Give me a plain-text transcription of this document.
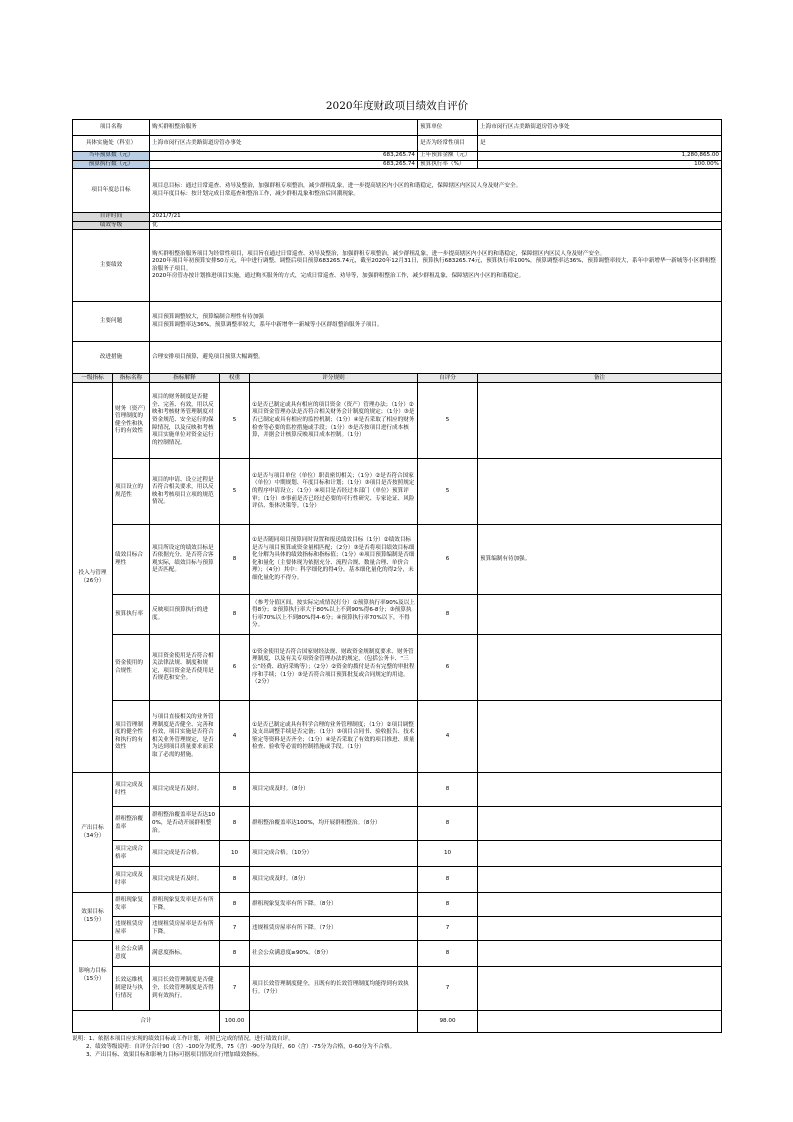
2020年度财政项目绩效自评价						
项目名称		购买群租整治服务			预算单位	上海市闵行区古美路街道房管办事处
具体实施处（科室）		上海市闵行区古美路街道房管办事处			是否为经常性项目	是
当年预算数（元）		683,265.74			上年预算金额（元）	1,280,865.00
预算执行数（元）		683,265.74			预算执行率（%）	100.00%
项目年度总目标		项目总目标：通过日常巡查、劝导及整治，加强群租专项整治，减少群租乱象，进一步提高辖区内小区的和谐稳定，保障辖区内区民人身及财产安全。
项目年度目标：按计划完成日常巡查和整治工作，减少群租乱象和整治后回潮现象。				
自评时间		2021/7/21				
绩效等级		优				
主要绩效		购买群租整治服务项目为经常性项目，项目旨在通过日常巡查、劝导及整治，加强群租专项整治，减少群租乱象，进一步提高辖区内小区的和谐稳定，保障辖区内区民人身及财产安全。
2020年项目年初预算安排50万元，年中进行调整，调整后项目预算683265.74元，截至2020年12月31日，预算执行683265.74元，预算执行率100%，预算调整率达36%，预算调整率较大，系年中新增华一新城等小区群租整治服务子项目。
2020年房管办按计划推进项目实施，通过购买服务的方式，完成日常巡查、劝导等，加强群租整治工作，减少群租乱象，保障辖区内小区的和谐稳定。				
主要问题		项目预算调整较大，预算编制合理性有待加强
项目预算调整率达36%，预算调整率较大，系年中新增华一新城等小区群组整治服务子项目。				
改进措施		合理安排项目预算，避免项目预算大幅调整。				
一级指标	指标名称	指标解释	权重	评分规则	自评分	备注
投入与管理
（26分）	财务（资产）管理制度的健全性和执行的有效性	项目的财务制度是否健全、完善、有效，用以反映和考核财务管理制度对资金规范、安全运行的保障情况，以及反映和考核项目实施单位对资金运行的控制情况。	5	①是否已制定或具有相应的项目资金（资产）管理办法；（1分）②项目资金管理办法是否符合相关财务会计制度的规定；（1分）③是否已制定或具有相应的监控机制；（1分）④是否采取了相应的财务检查等必要的监控措施或手段；（1分）⑤是否按项目进行成本核算，并据会计核算反映项目成本控制。（1分）	5	
	项目设立的规范性	项目的申请、设立过程是否符合相关要求，用以反映和考核项目立项的规范情况。	5	①是否与项目单位（单位）职责密切相关；（1分）②是否符合国家（单位）中期规划、年度目标和计划；（1分）③项目是否按照规定的程序申请设立；（1分）④项目是否经过本部门（单位）预算评审；（1分）⑤事前是否已经过必要的可行性研究、专家论证、风险评估、集体决策等。（1分）	5	
	绩效目标合理性	项目所设定的绩效目标是否依据充分，是否符合客观实际，绩效目标与预算是否匹配。	8	①是否随同项目预算同时设置和报送绩效目标（1分）②绩效目标是否与项目预算或资金量相匹配；（2分）③是否将项目绩效目标细化分解为具体的绩效指标和指标值；（1分）④项目预算编制是否细化和量化（主要体现为依据充分、流程合规、数量合理、单价合理）；（4分）其中：科学细化的得4分，基本细化量化的得2分，未细化量化的不得分。	6	预算编制有待加强。
	预算执行率	反映项目预算执行的进度。	8	（参考分值区间，按实际完成情况打分）①预算执行率90%及以上得8分；②预算执行率大于80%以上不到90%得6-8分；③预算执行率70%以上不到80%得4-6分；④预算执行率70%以下，不得分。	8	
	资金使用的合规性	项目资金使用是否符合相关法律法规、制度和规定，项目资金是否使用是否规范和安全。	6	①资金使用是否符合国家财经法规、财政资金规制度要求、财务管理制度，以及有关专项资金管理办法的规定，（包括公务卡、“三公”经费、政府采购等）；（2分）②资金的拨付是否有完整的审批程序和手续；（1分）③是否符合项目预算批复或合同规定的用途。（2分）	6	
	项目管理制度的健全性和执行的有效性	与项目直接相关的业务管理制度是否健全、完善和有效，项目实施是否符合相关业务管理规定，是否为达到项目质量要求而采取了必需的措施。	4	①是否已制定或具有科学合理的业务管理制度；（1分）②项目调整及支出调整手续是否完备；（1分）③项目合同书、验收报告、技术鉴定等资料是否齐全；（1分）④是否采取了有效的项目推进、质量检查、验收等必需的控制措施或手段。（1分）	4	
产出目标
（34分）	项目完成及时性	项目完成是否及时。	8	项目完成及时。（8分）	8	
	群租整治覆盖率	群租整治覆盖率是否达100%，是否动开展群租整治。	8	群租整治覆盖率达100%，均开展群租整治。（8分）	8	
	项目完成合格率	项目完成是否合格。	10	项目完成合格。（10分）	10	
	项目完成及时率	项目完成是否及时。	8	项目完成及时。（8分）	8	
效果目标
（15分）	群租现象复发率	群租现象复发率是否有所下降。	8	群租现象复发率有所下降。（8分）	8	
	违规租赁房屋率	违规租赁房屋率是否有所下降。	7	违规租赁房屋率有所下降。（7分）	7	
影响力目标
（15分）	社会公众满意度	满意度指标。	8	社会公众满意度≥90%。（8分）	8	
	长效运维机制建设与执行情况	项目长效管理制度是否健全，长效管理制度是否得到有效执行。	7	项目长效管理制度健全，且既有的长效管理制度均能得到有效执行。（7分）	7	
合计			100.00		98.00	
说明：1、依据本项目应实现的绩效目标或工作计划，对照已完成的情况，进行绩效自评。
2、绩效等级说明：自评分合计90（含）-100分为优秀，75（含）-90分为良好，60（含）-75分为合格，0-60分为不合格。
3、产出目标、效果目标和影响力目标可据项目情况自行增加绩效指标。
